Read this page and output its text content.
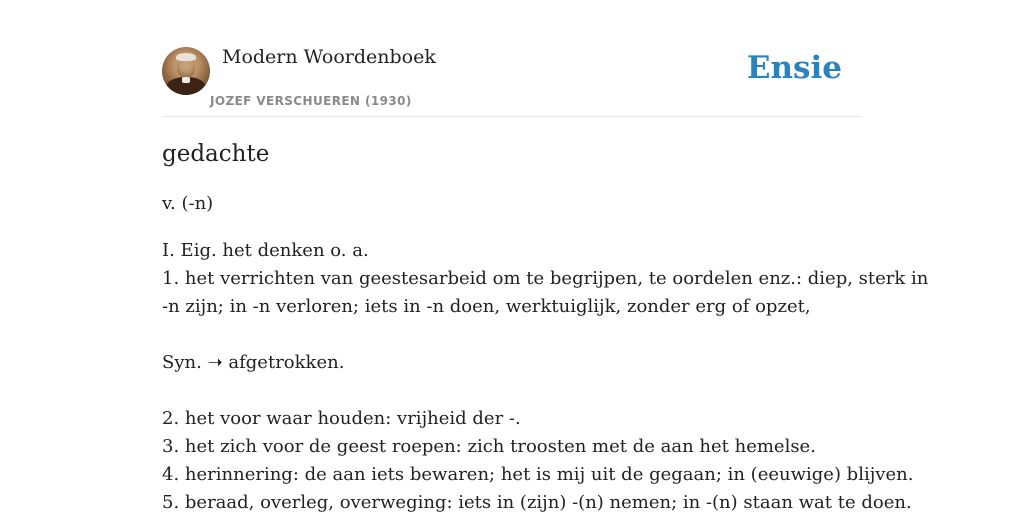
Modern Woordenboek
JOZEF VERSCHUEREN (1930)
Ensie
gedachte

v. (-n)

I. Eig. het denken o. a.
1. het verrichten van geestesarbeid om te begrijpen, te oordelen enz.: diep, sterk in
-n zijn; in -n verloren; iets in -n doen, werktuiglijk, zonder erg of opzet,
Syn. ➝ afgetrokken.
2. het voor waar houden: vrijheid der -.
3. het zich voor de geest roepen: zich troosten met de aan het hemelse.
4. herinnering: de aan iets bewaren; het is mij uit de gegaan; in (eeuwige) blijven.
5. beraad, overleg, overweging: iets in (zijn) -(n) nemen; in -(n) staan wat te doen.
